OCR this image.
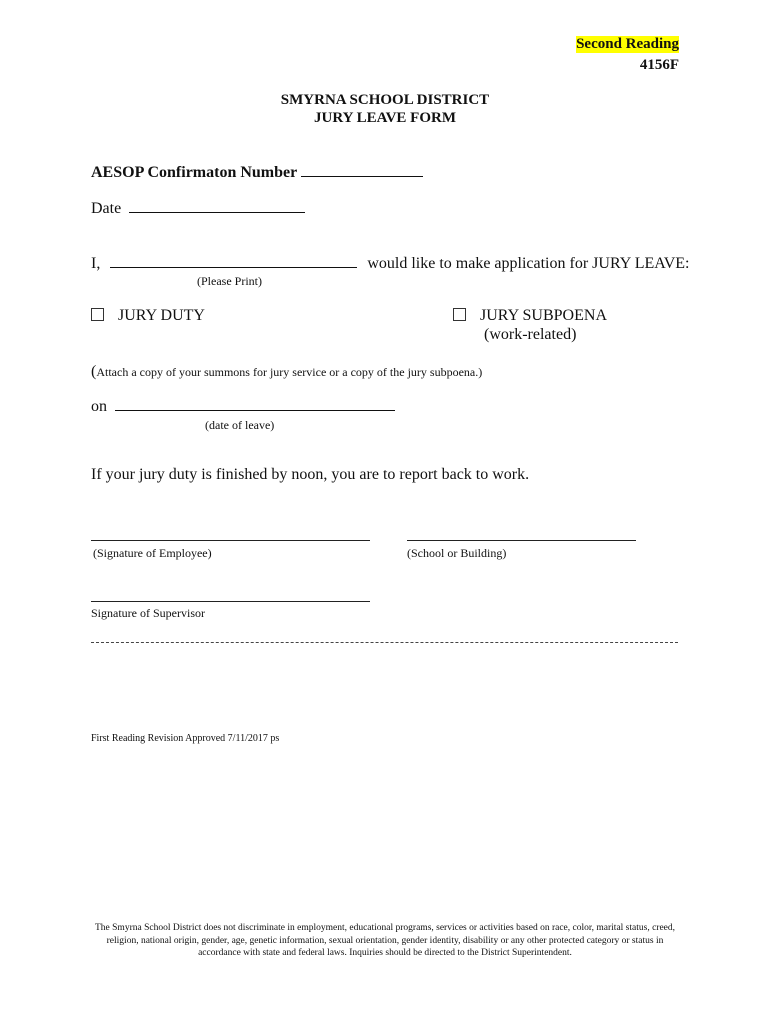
Second Reading
4156F
SMYRNA SCHOOL DISTRICT
JURY LEAVE FORM
AESOP Confirmaton Number
Date
I,	would like to make application for JURY LEAVE:
(Please Print)
JURY DUTY	JURY SUBPOENA
(work-related)
(Attach a copy of your summons for jury service or a copy of the jury subpoena.)
on
(date of leave)
If your jury duty is finished by noon, you are to report back to work.
(Signature of Employee)	(School or Building)
Signature of Supervisor
First Reading Revision Approved 7/11/2017 ps
The Smyrna School District does not discriminate in employment, educational programs, services or activities based on race, color, marital status, creed, religion, national origin, gender, age, genetic information, sexual orientation, gender identity, disability or any other protected category or status in accordance with state and federal laws. Inquiries should be directed to the District Superintendent.
